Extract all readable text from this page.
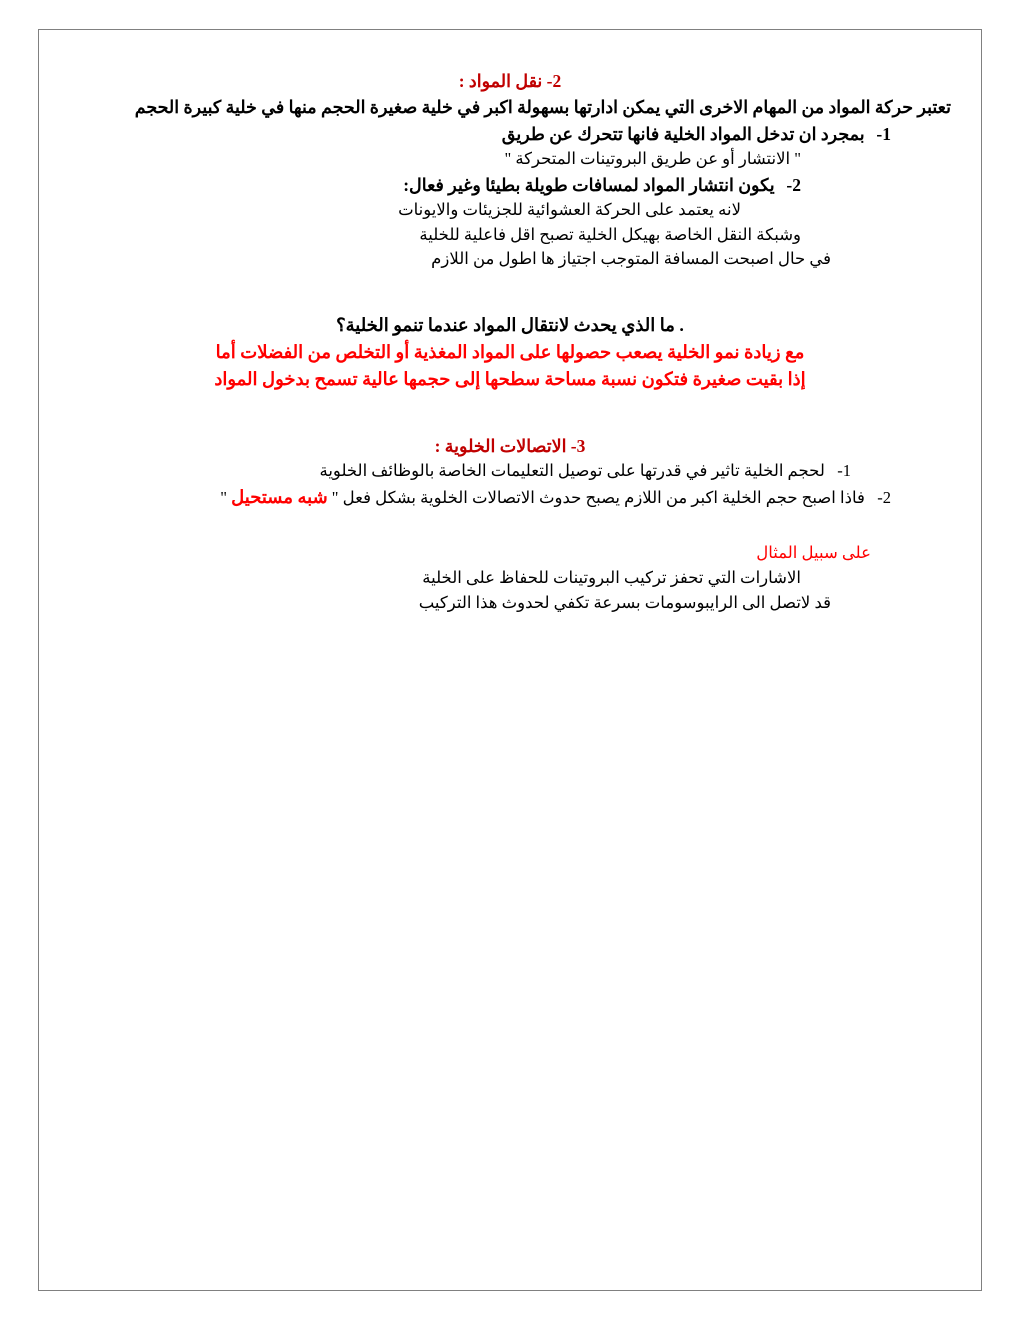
2- نقل المواد :
تعتبر حركة المواد من المهام الاخرى التي يمكن ادارتها بسهولة اكبر في خلية صغيرة الحجم منها في خلية كبيرة الحجم
1- بمجرد ان تدخل المواد الخلية فانها تتحرك عن طريق
" الانتشار أو عن طريق البروتينات المتحركة "
2- يكون انتشار المواد لمسافات طويلة بطيئا وغير فعال:
لانه يعتمد على الحركة العشوائية للجزيئات والايونات
وشبكة النقل الخاصة بهيكل الخلية تصبح اقل فاعلية للخلية
في حال اصبحت المسافة المتوجب اجتياز ها اطول من اللازم
. ما الذي يحدث لانتقال المواد عندما تنمو الخلية؟
مع زيادة نمو الخلية يصعب حصولها على المواد المغذية أو التخلص من الفضلات أما
إذا بقيت صغيرة فتكون نسبة مساحة سطحها إلى حجمها عالية تسمح بدخول المواد
3- الاتصالات الخلوية :
1- لحجم الخلية تاثير في قدرتها على توصيل التعليمات الخاصة بالوظائف الخلوية
2- فاذا اصبح حجم الخلية اكبر من اللازم يصبح حدوث الاتصالات الخلوية بشكل فعل " شبه مستحيل "
على سبيل المثال
الاشارات التي تحفز تركيب البروتينات للحفاظ على الخلية
قد لاتصل الى الرايبوسومات بسرعة تكفي لحدوث هذا التركيب
